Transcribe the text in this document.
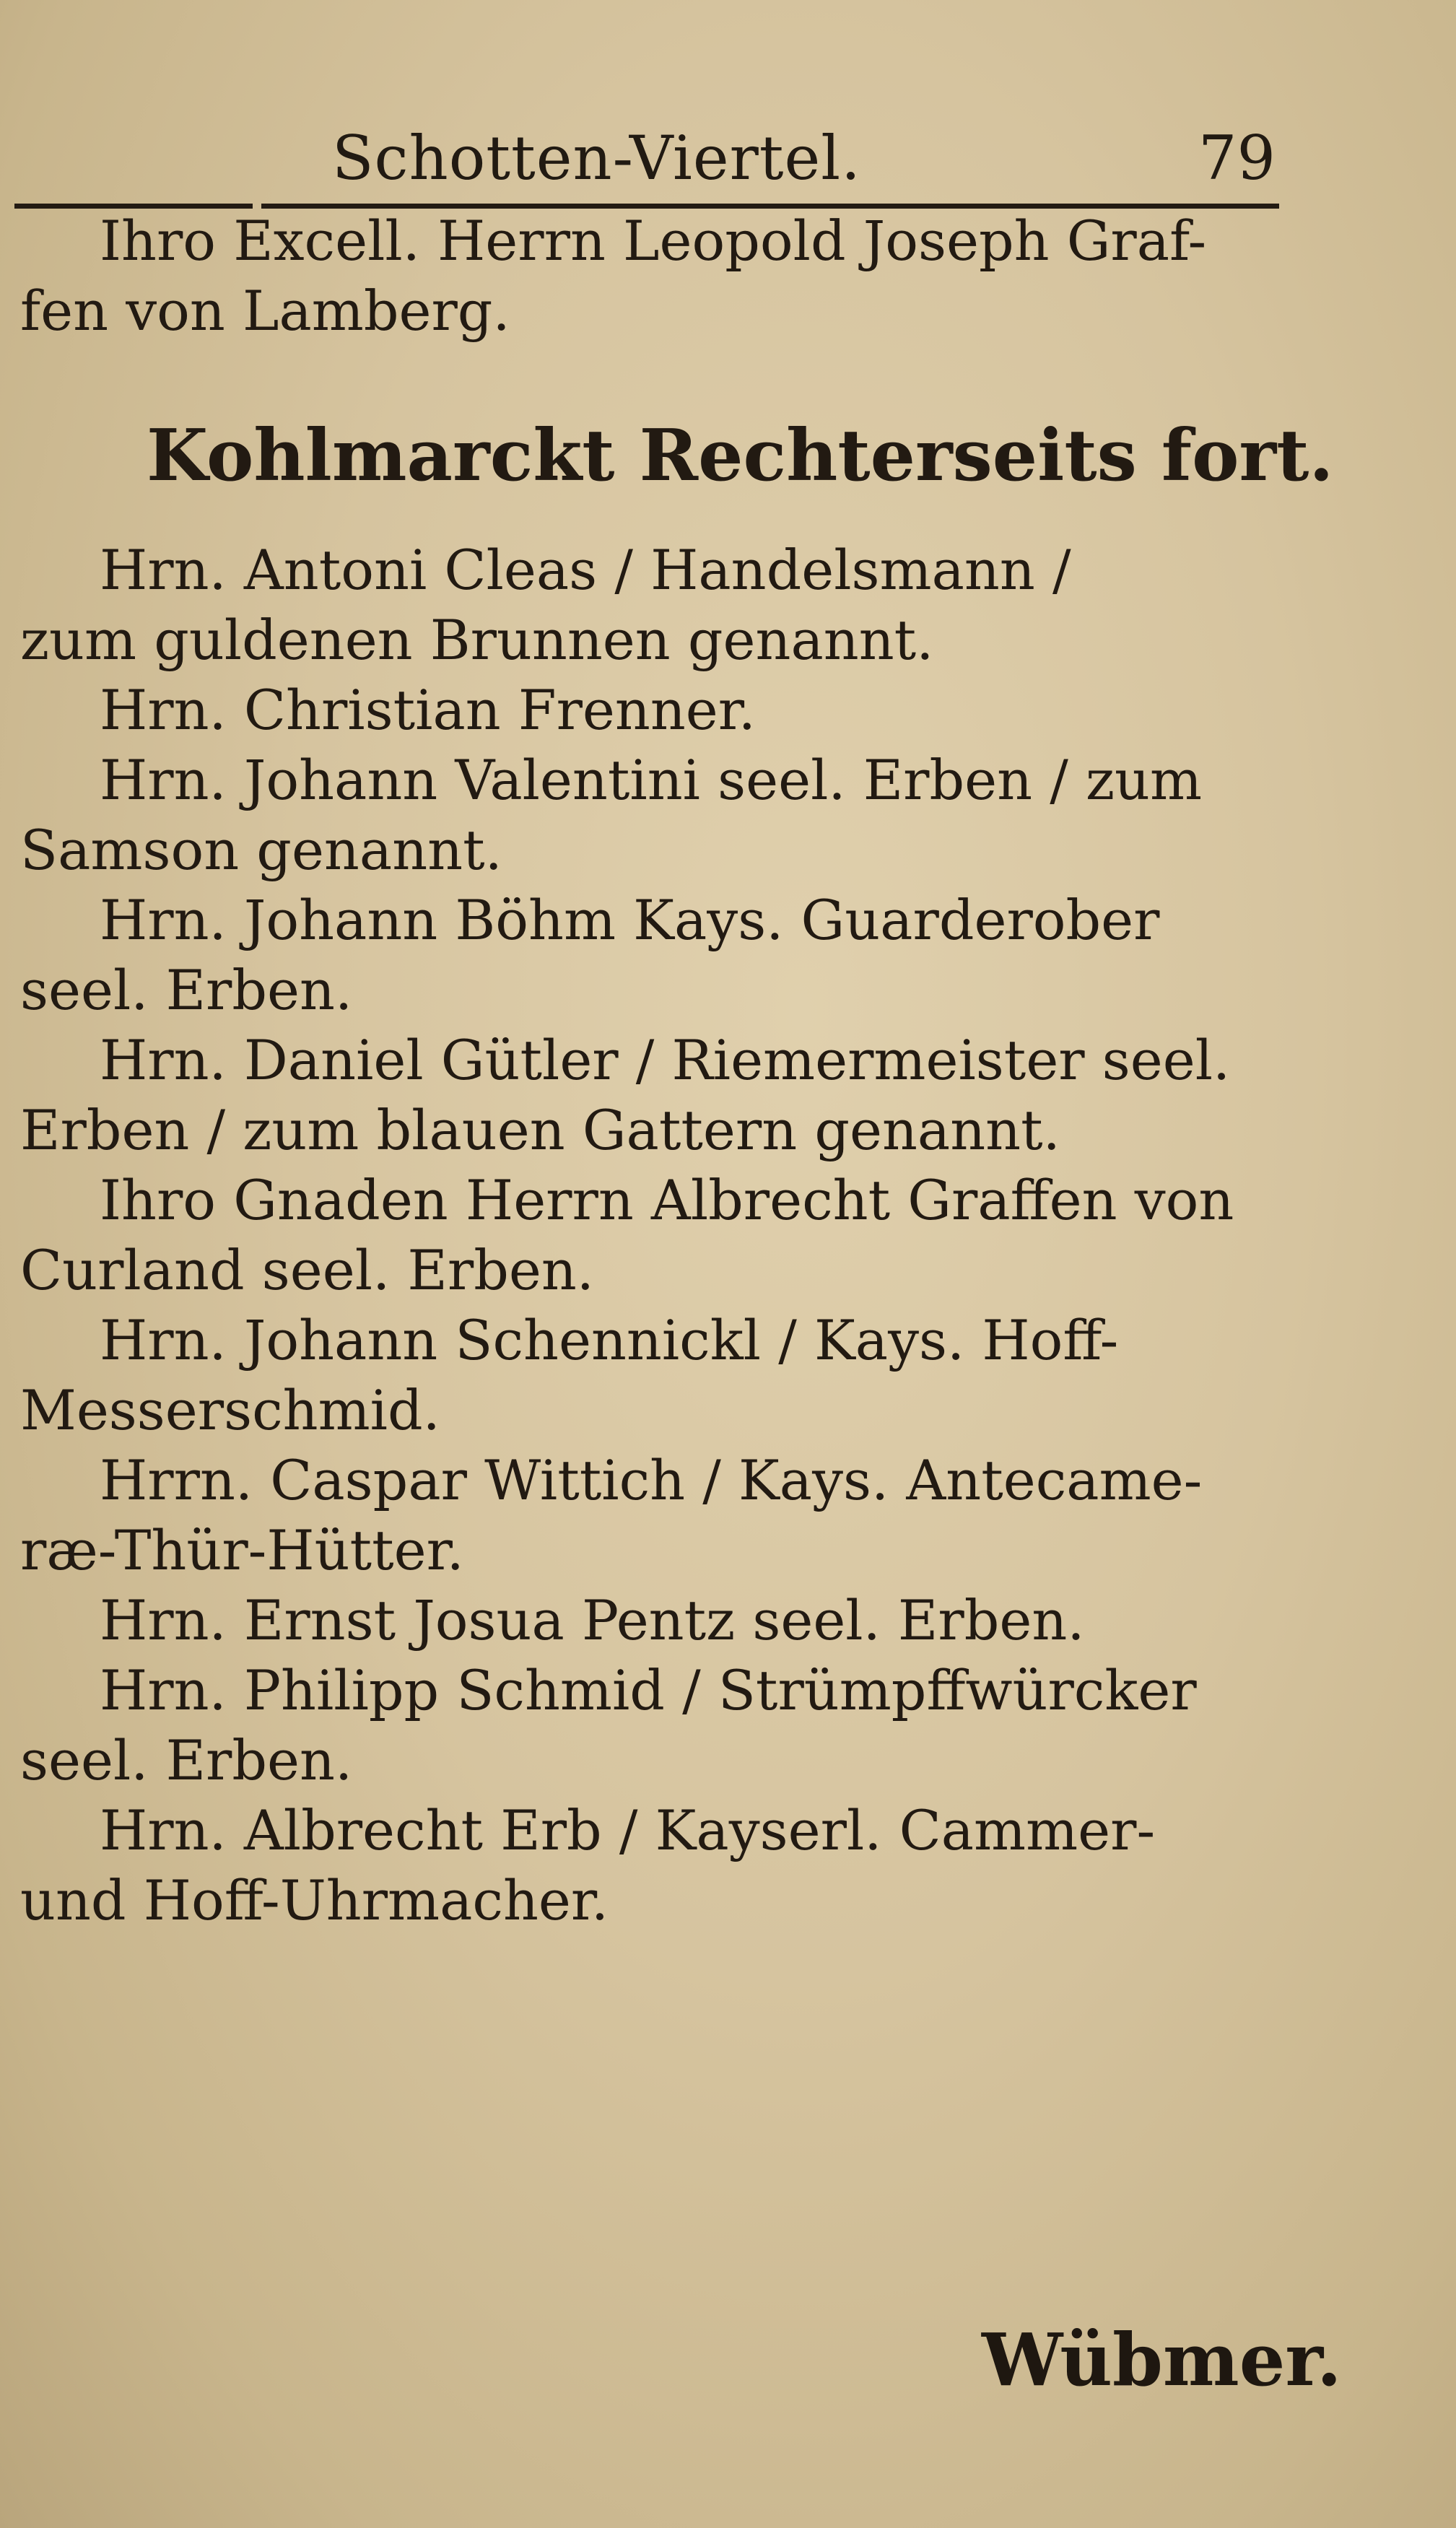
Schotten-Viertel.	79
Ihro Excell. Herrn Leopold Joseph Graf-
fen von Lamberg.
Kohlmarckt Rechterseits fort.
Hrn. Antoni Cleas / Handelsmann /
zum guldenen Brunnen genannt.
Hrn. Christian Frenner.
Hrn. Johann Valentini seel. Erben / zum
Samson genannt.
Hrn. Johann Böhm Kays. Guarderober
seel. Erben.
Hrn. Daniel Gütler / Riemermeister seel.
Erben / zum blauen Gattern genannt.
Ihro Gnaden Herrn Albrecht Graffen von
Curland seel. Erben.
Hrn. Johann Schennickl / Kays. Hoff-
Messerschmid.
Hrrn. Caspar Wittich / Kays. Antecame-
ræ-Thür-Hütter.
Hrn. Ernst Josua Pentz seel. Erben.
Hrn. Philipp Schmid / Strümpffwürcker
seel. Erben.
Hrn. Albrecht Erb / Kayserl. Cammer-
und Hoff-Uhrmacher.
Wübmer.
